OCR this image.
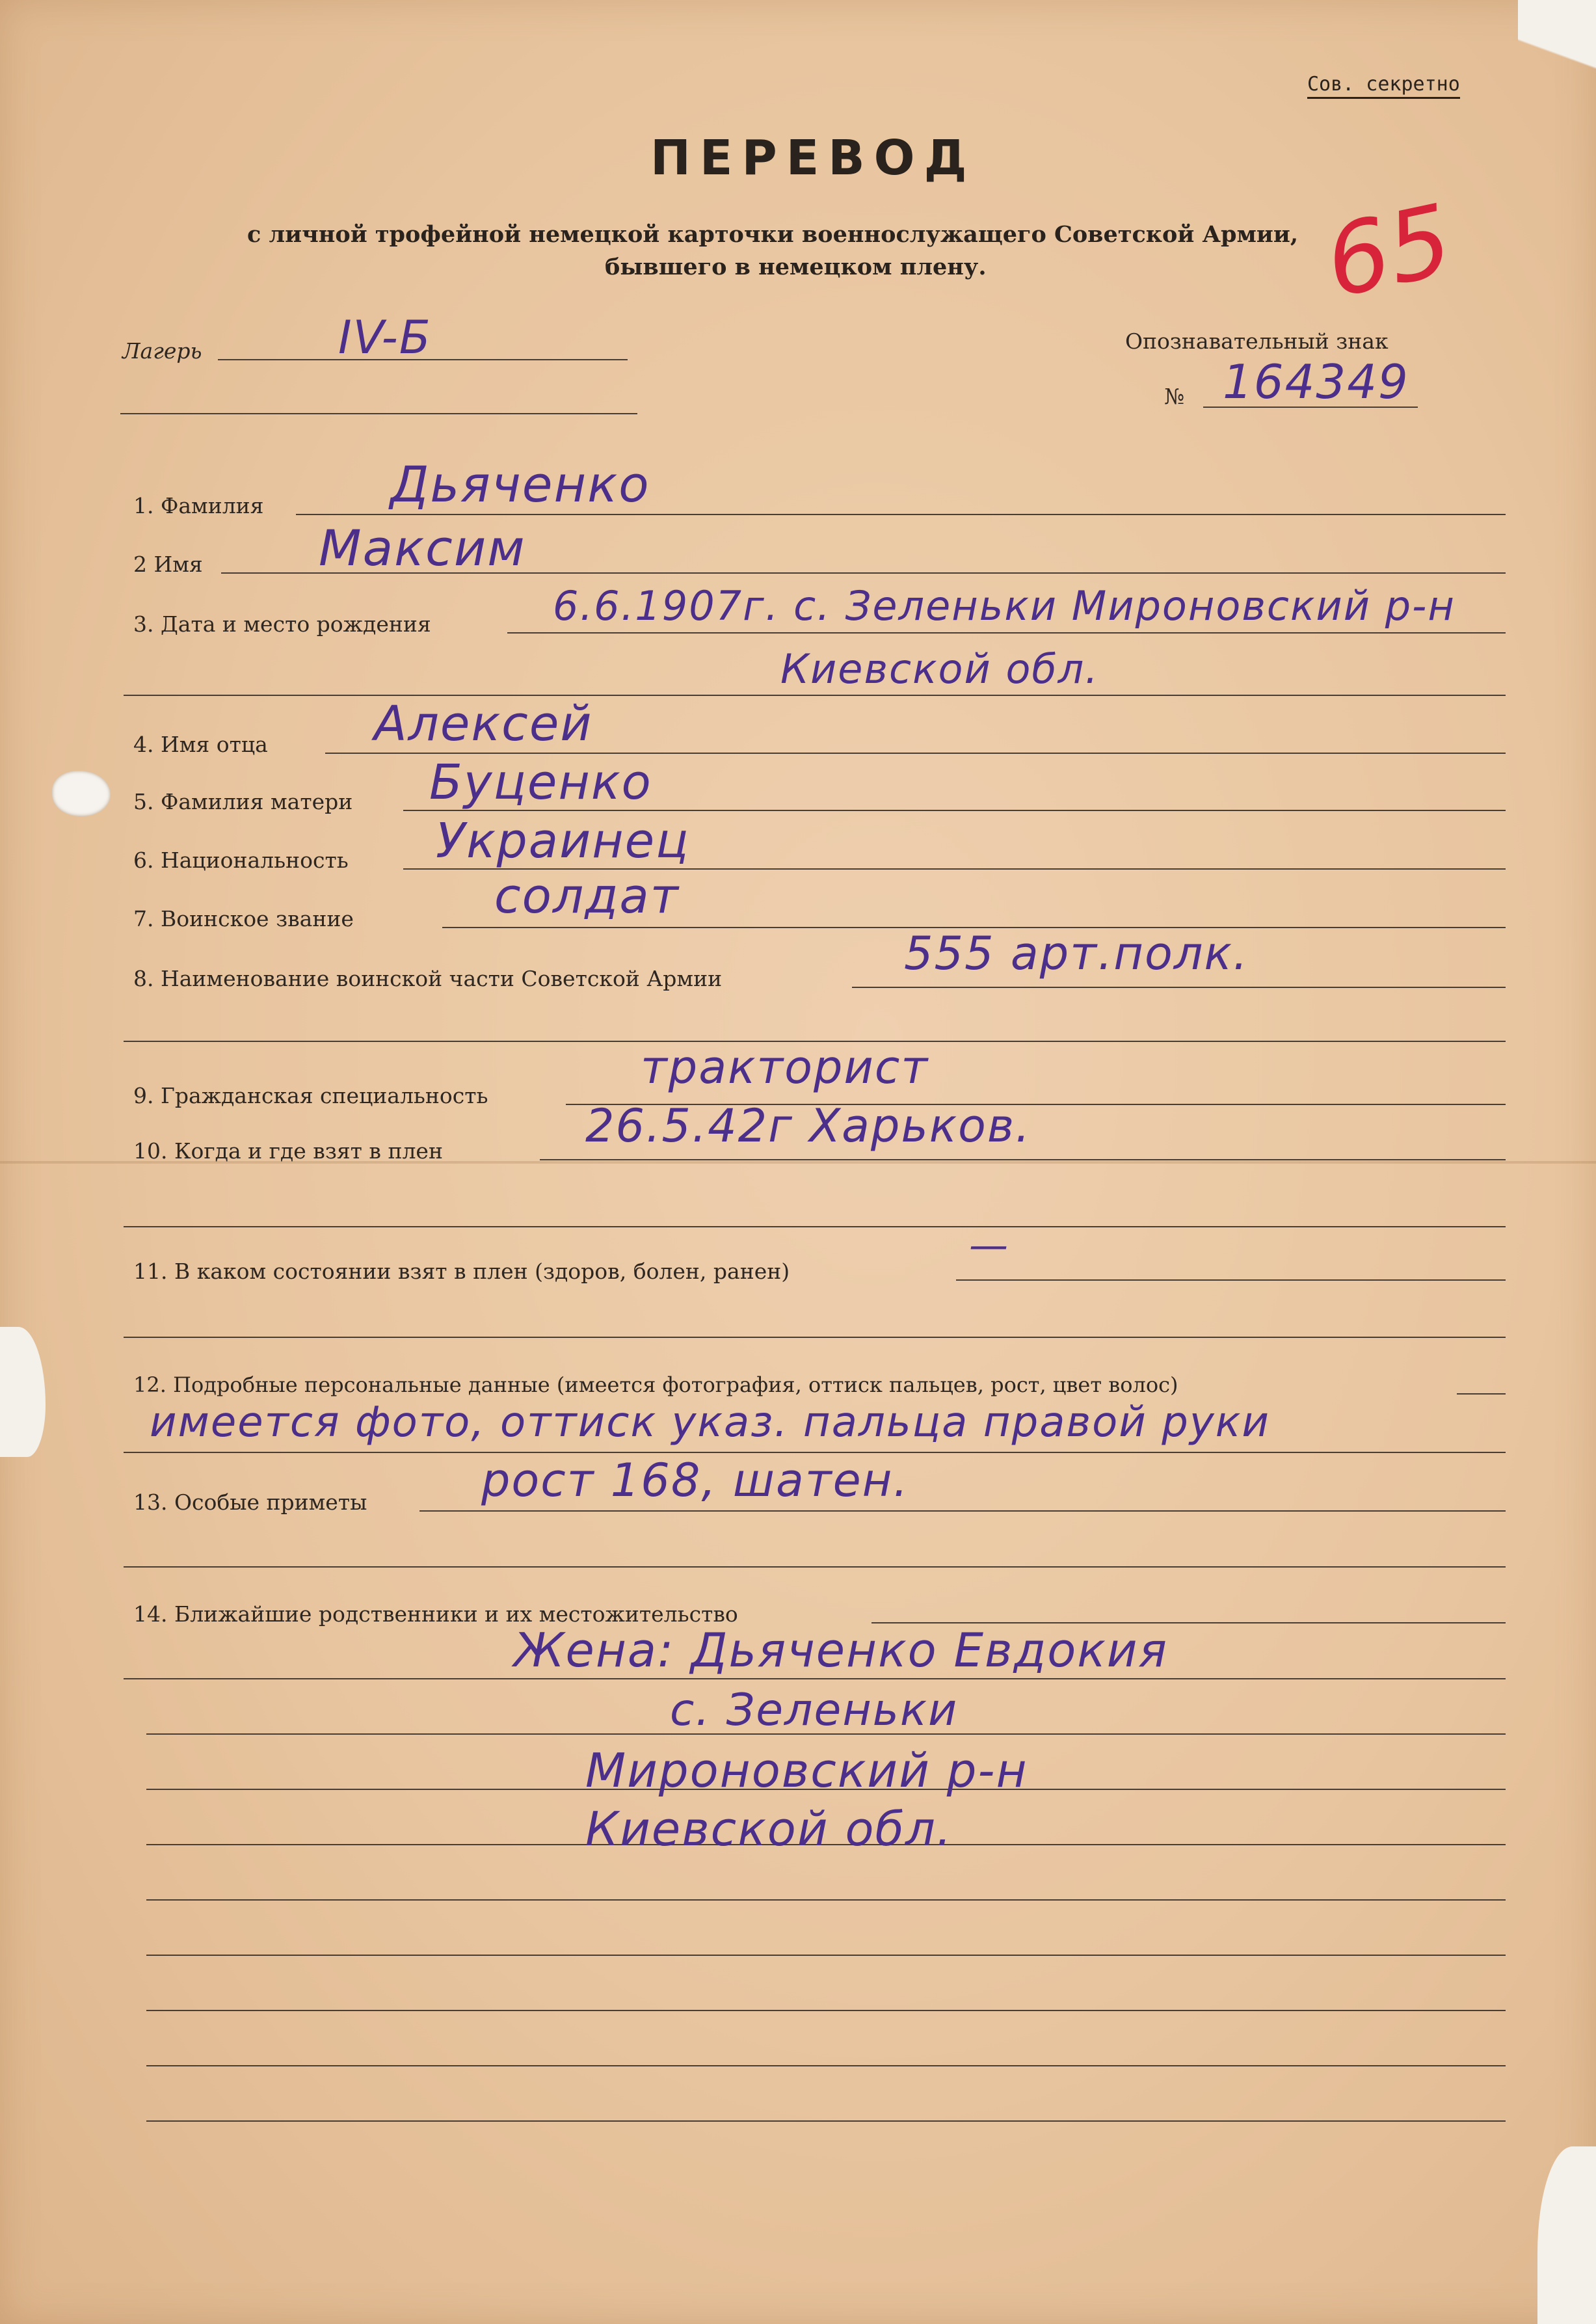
Сов. секретно
ПЕРЕВОД
с личной трофейной немецкой карточки военнослужащего Советской Армии,
бывшего в немецком плену.
Лагерь	IV-Б	Опознавательный знак
№ 164349
65
1. Фамилия	Дьяченко
2 Имя Максим
3. Дата и место рождения	6.6.1907г. с. Зеленьки Мироновский р-н
Киевской обл.
4. Имя отца Алексей
5. Фамилия матери Буценко
6. Национальность Украинец
7. Воинское звание	солдат
8. Наименование воинской части Советской Армии	555 арт.полк.
9. Гражданская специальность
тракторист
10. Когда и где взят в плен	26.5.42г Харьков.
11. В каком состоянии взят в плен (здоров, болен, ранен)
—
12. Подробные персональные данные (имеется фотография, оттиск пальцев, рост, цвет волос)
имеется фото, оттиск указ. пальца правой руки
13. Особые приметы	рост 168, шатен.
14. Ближайшие родственники и их местожительство
Жена: Дьяченко Евдокия
с. Зеленьки
Мироновский р-н
Киевской обл.
